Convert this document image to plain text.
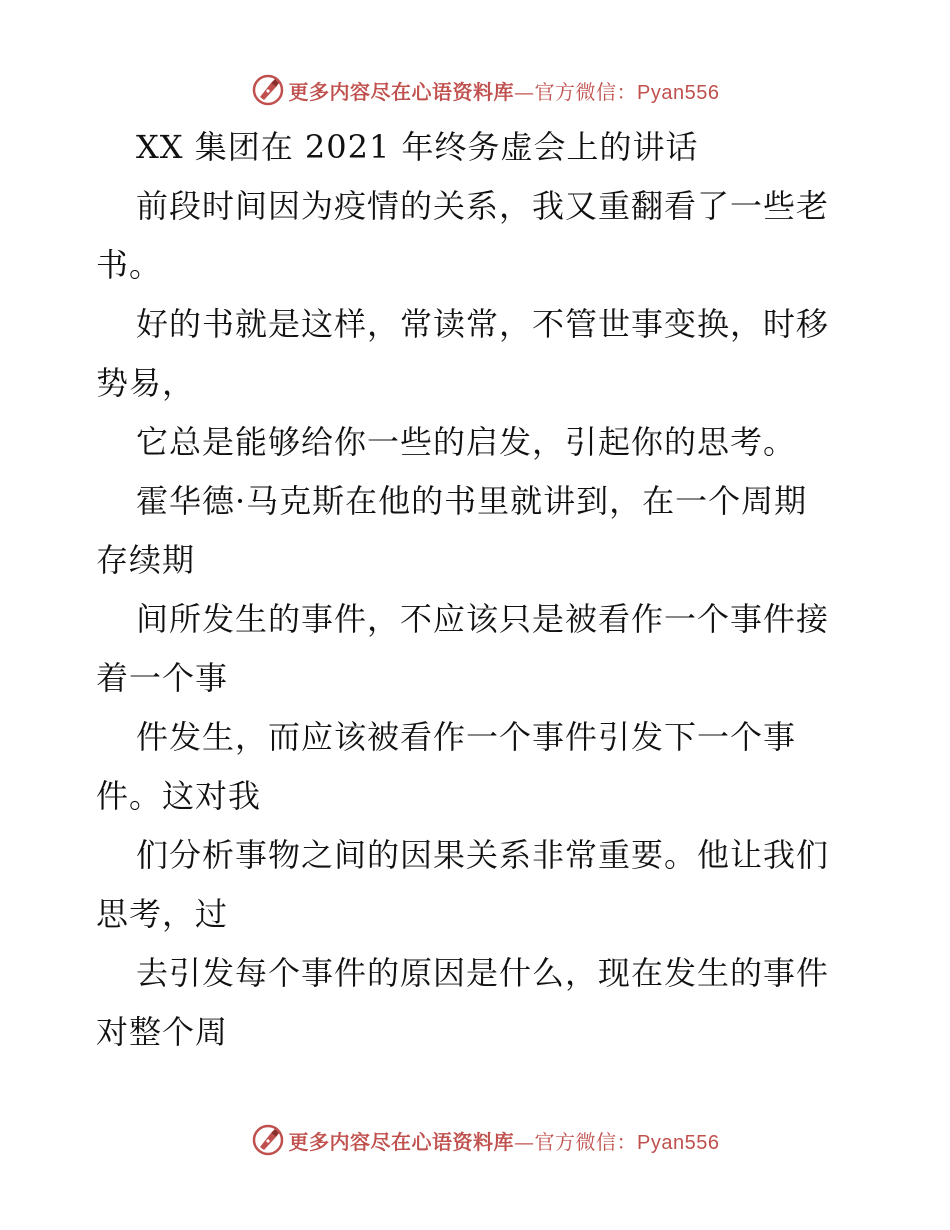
更多内容尽在心语资料库—官方微信：Pyan556
XX 集团在 2021 年终务虚会上的讲话
前段时间因为疫情的关系，我又重翻看了一些老
书。
好的书就是这样，常读常，不管世事变换，时移
势易，
它总是能够给你一些的启发，引起你的思考。
霍华德·马克斯在他的书里就讲到，在一个周期
存续期
间所发生的事件，不应该只是被看作一个事件接
着一个事
件发生，而应该被看作一个事件引发下一个事
件。这对我
们分析事物之间的因果关系非常重要。他让我们
思考，过
去引发每个事件的原因是什么，现在发生的事件
对整个周
更多内容尽在心语资料库—官方微信：Pyan556
